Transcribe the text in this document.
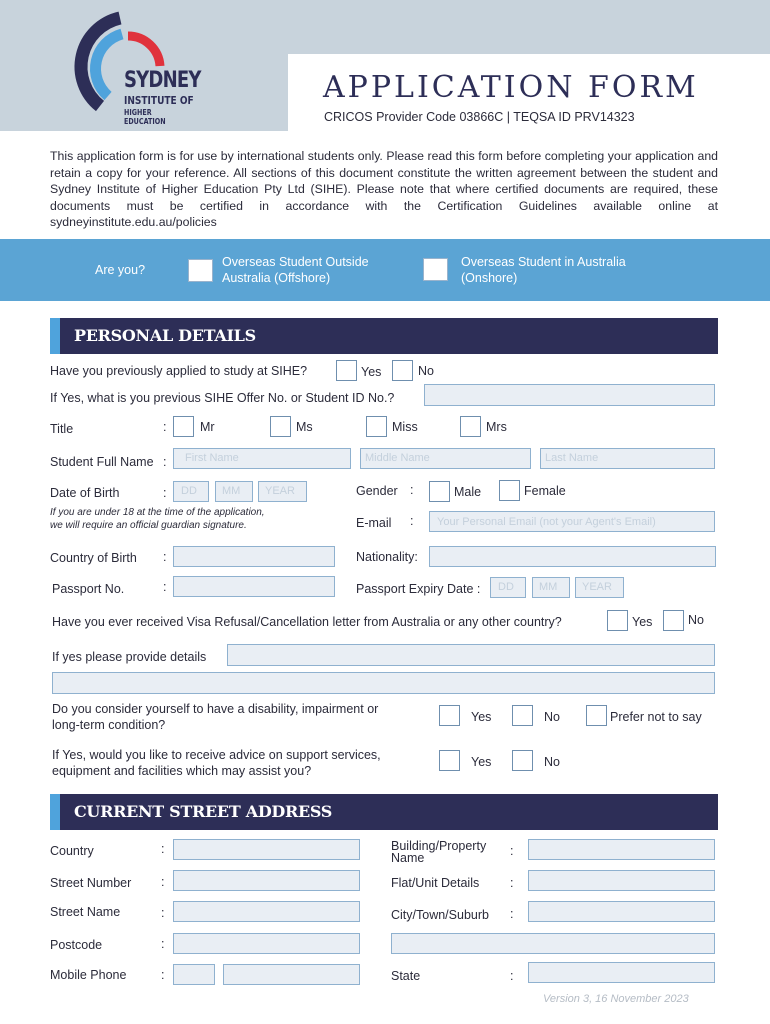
SYDNEY
INSTITUTE OF
HIGHER EDUCATION
APPLICATION FORM
CRICOS Provider Code 03866C | TEQSA ID PRV14323
This application form is for use by international students only. Please read this form before completing your application and retain a copy for your reference. All sections of this document constitute the written agreement between the student and Sydney Institute of Higher Education Pty Ltd (SIHE). Please note that where certified documents are required, these documents must be certified in accordance with the Certification Guidelines available online at sydneyinstitute.edu.au/policies
Are you?
Overseas Student Outside
Australia (Offshore)
Overseas Student in Australia
(Onshore)
PERSONAL DETAILS
Have you previously applied to study at SIHE?	Yes	No
If Yes, what is you previous SIHE Offer No. or Student ID No.?
Title	:	Mr	Ms	Miss	Mrs
Student Full Name : First Name	Middle Name	Last Name
Date of Birth	: DD MM YEAR
If you are under 18 at the time of the application,
we will require an official guardian signature.
Gender :	Male	Female
E-mail : Your Personal Email (not your Agent's Email)
Country of Birth :	Nationality:
Passport No.	:	Passport Expiry Date : DD MM YEAR
Have you ever received Visa Refusal/Cancellation letter from Australia or any other country?	Yes	No
If yes please provide details
Do you consider yourself to have a disability, impairment or
long-term condition?
Yes	No	Prefer not to say
If Yes, would you like to receive advice on support services,
equipment and facilities which may assist you?
Yes	No
CURRENT STREET ADDRESS
Country	:
Street Number :
Street Name	:
Postcode	:
Mobile Phone	:
Building/Property
Name	:
Flat/Unit Details :
City/Town/Suburb :
State	:
Version 3, 16 November 2023
